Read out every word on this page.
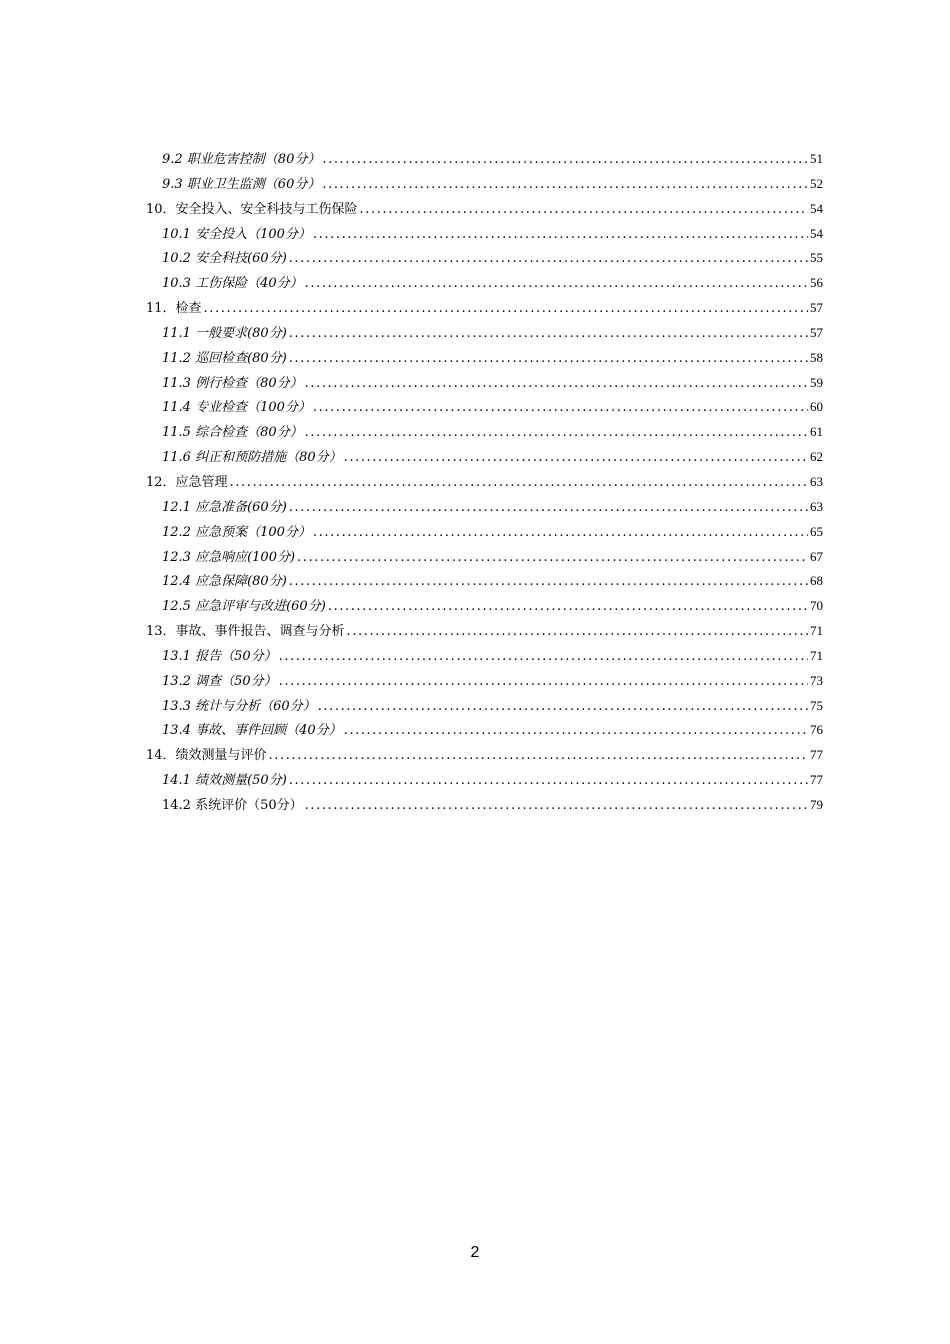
9.2 职业危害控制（80分） .....	51
9.3 职业卫生监测（60分） .....	52
10．安全投入、安全科技与工伤保险 .....	54
10.1 安全投入（100分） .....	54
10.2 安全科技(60分) .....	55
10.3 工伤保险（40分） .....	56
11．检查 .....	57
11.1 一般要求(80分) .....	57
11.2 巡回检查(80分) .....	58
11.3 例行检查（80分） .....	59
11.4 专业检查（100分） .....	60
11.5 综合检查（80分） .....	61
11.6 纠正和预防措施（80分） .....	62
12．应急管理 .....	63
12.1 应急准备(60分) .....	63
12.2 应急预案（100分） .....	65
12.3 应急响应(100分) .....	67
12.4 应急保障(80分) .....	68
12.5 应急评审与改进(60分) .....	70
13．事故、事件报告、调查与分析 .....	71
13.1 报告（50分） .....	71
13.2 调查（50分） .....	73
13.3 统计与分析（60分） .....	75
13.4 事故、事件回顾（40分） .....	76
14．绩效测量与评价 .....	77
14.1 绩效测量(50分) .....	77
14.2 系统评价（50分） .....	79
2
